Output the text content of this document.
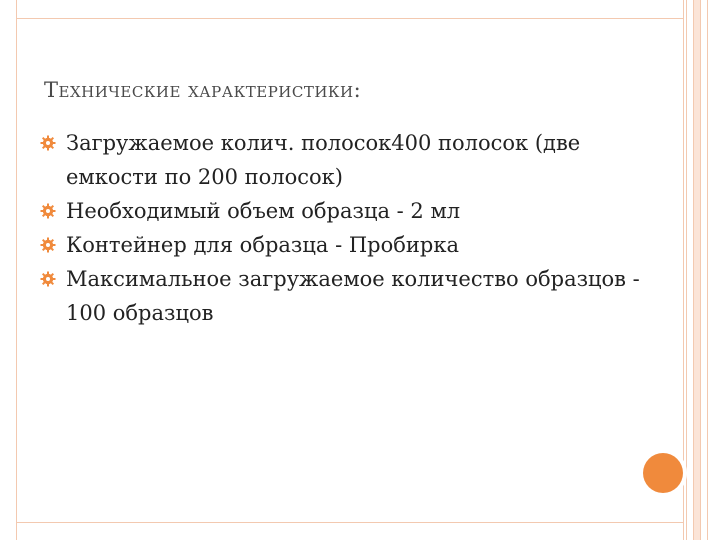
Технические характеристики:
Загружаемое колич. полосок400 полосок (две емкости по 200 полосок)
Необходимый объем образца - 2 мл
Контейнер для образца - Пробирка
Максимальное загружаемое количество образцов - 100 образцов
